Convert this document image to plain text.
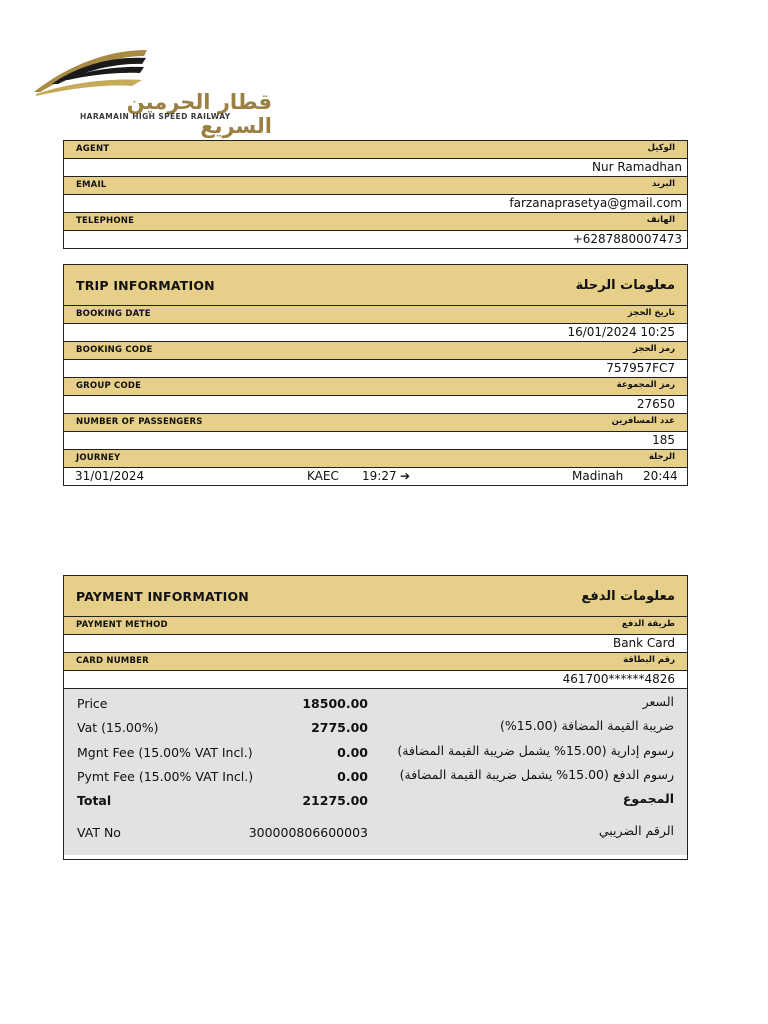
قطار الحرمين السريع
HARAMAIN HIGH SPEED RAILWAY
AGENT	الوكيل
Nur Ramadhan
EMAIL	البريد
farzanaprasetya@gmail.com
TELEPHONE	الهاتف
+6287880007473
TRIP INFORMATION	معلومات الرحلة
BOOKING DATE	تاريخ الحجز
16/01/2024 10:25
BOOKING CODE	رمز الحجز
757957FC7
GROUP CODE	رمز المجموعة
27650
NUMBER OF PASSENGERS	عدد المسافرين
185
JOURNEY	الرحلة
31/01/2024	KAEC 19:27 ➔	Madinah 20:44
PAYMENT INFORMATION	معلومات الدفع
PAYMENT METHOD	طريقة الدفع
Bank Card
CARD NUMBER	رقم البطاقة
461700******4826
Price	18500.00	السعر
Vat (15.00%)	2775.00	ضريبة القيمة المضافة (15.00%)
Mgnt Fee (15.00% VAT Incl.)	0.00 رسوم إدارية (15.00% يشمل ضريبة القيمة المضافة)
Pymt Fee (15.00% VAT Incl.)	0.00	رسوم الدفع (15.00% يشمل ضريبة القيمة المضافة)
Total	21275.00	المجموع
VAT No	300000806600003	الرقم الضريبي
